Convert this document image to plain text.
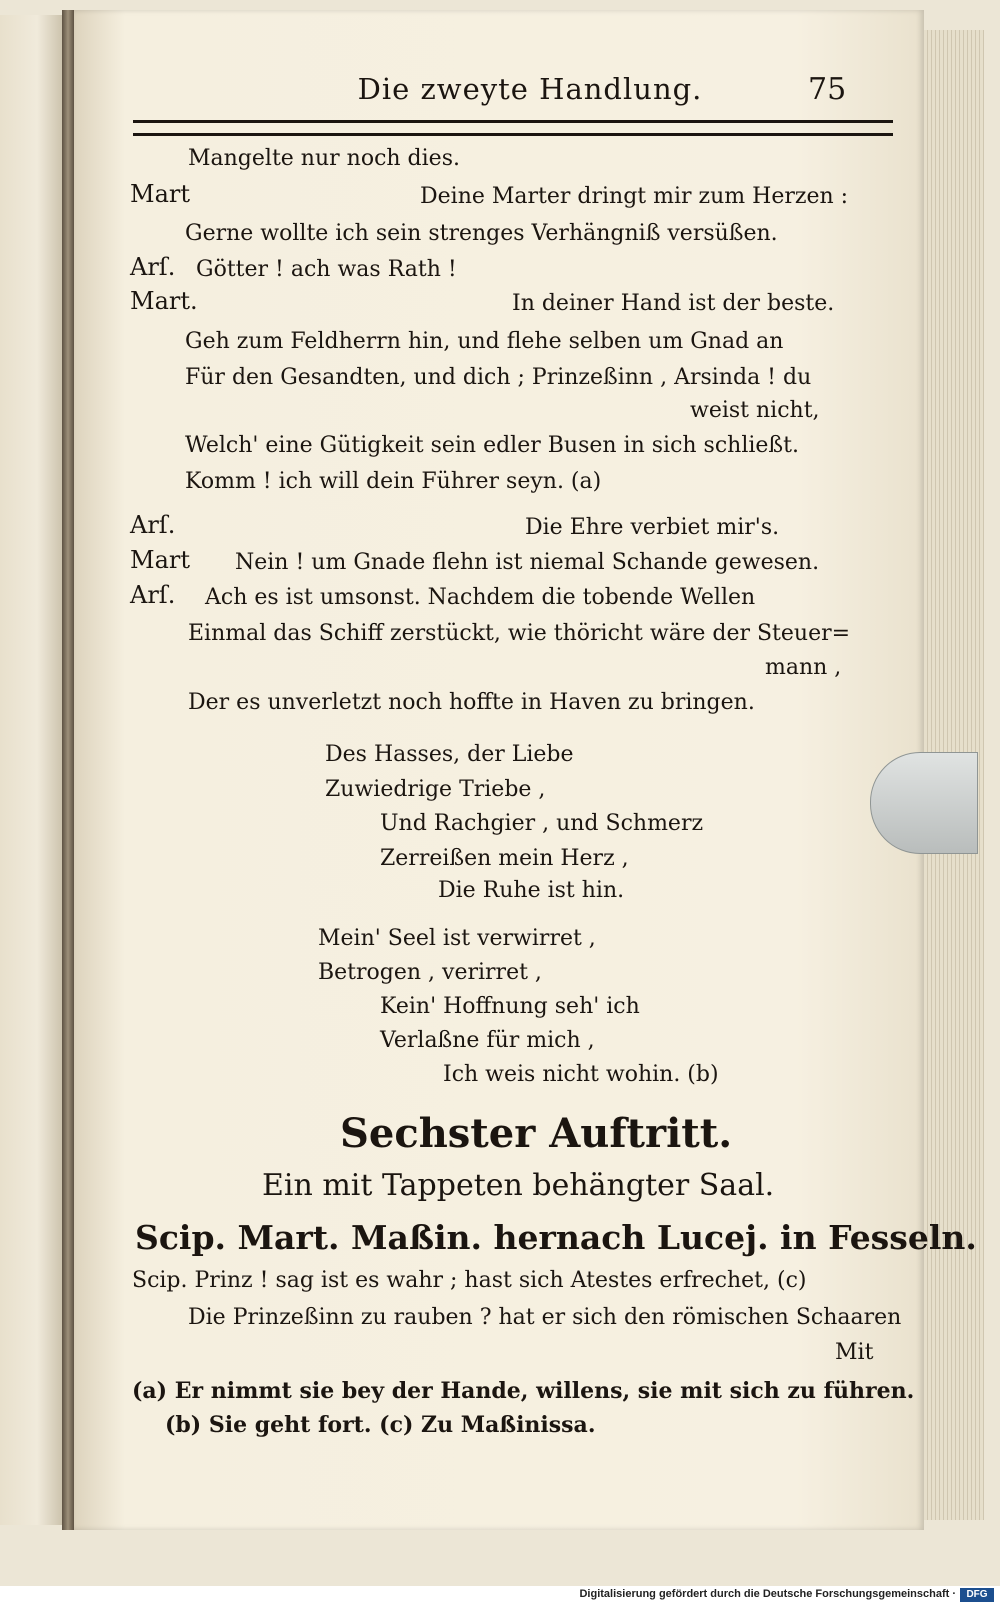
Die zweyte Handlung.	75
Mangelte nur noch dies.
Mart	Deine Marter dringt mir zum Herzen :
Gerne wollte ich sein strenges Verhängniß versüßen.
Arſ. Götter ! ach was Rath !
Mart.	In deiner Hand ist der beste.
Geh zum Feldherrn hin, und flehe selben um Gnad an
Für den Gesandten, und dich ; Prinzeßinn , Arsinda ! du
weist nicht,
Welch' eine Gütigkeit sein edler Busen in sich schließt.
Komm ! ich will dein Führer seyn. (a)
Arſ.	Die Ehre verbiet mir's.
Mart Nein ! um Gnade flehn ist niemal Schande gewesen.
Arſ. Ach es ist umsonst. Nachdem die tobende Wellen
Einmal das Schiff zerstückt, wie thöricht wäre der Steuer=
mann ,
Der es unverletzt noch hoffte in Haven zu bringen.
Des Hasses, der Liebe
Zuwiedrige Triebe ,
Und Rachgier , und Schmerz
Zerreißen mein Herz ,
Die Ruhe ist hin.
Mein' Seel ist verwirret ,
Betrogen , verirret ,
Kein' Hoffnung seh' ich
Verlaßne für mich ,
Ich weis nicht wohin. (b)
Sechster Auftritt.
Ein mit Tappeten behängter Saal.
Scip. Mart. Maßin. hernach Lucej. in Fesseln.
Scip. Prinz ! sag ist es wahr ; hast sich Atestes erfrechet, (c)
Die Prinzeßinn zu rauben ? hat er sich den römischen Schaaren
Mit
(a) Er nimmt sie bey der Hande, willens, sie mit sich zu führen.
(b) Sie geht fort. (c) Zu Maßinissa.
Digitalisierung gefördert durch die Deutsche Forschungsgemeinschaft ·	DFG
